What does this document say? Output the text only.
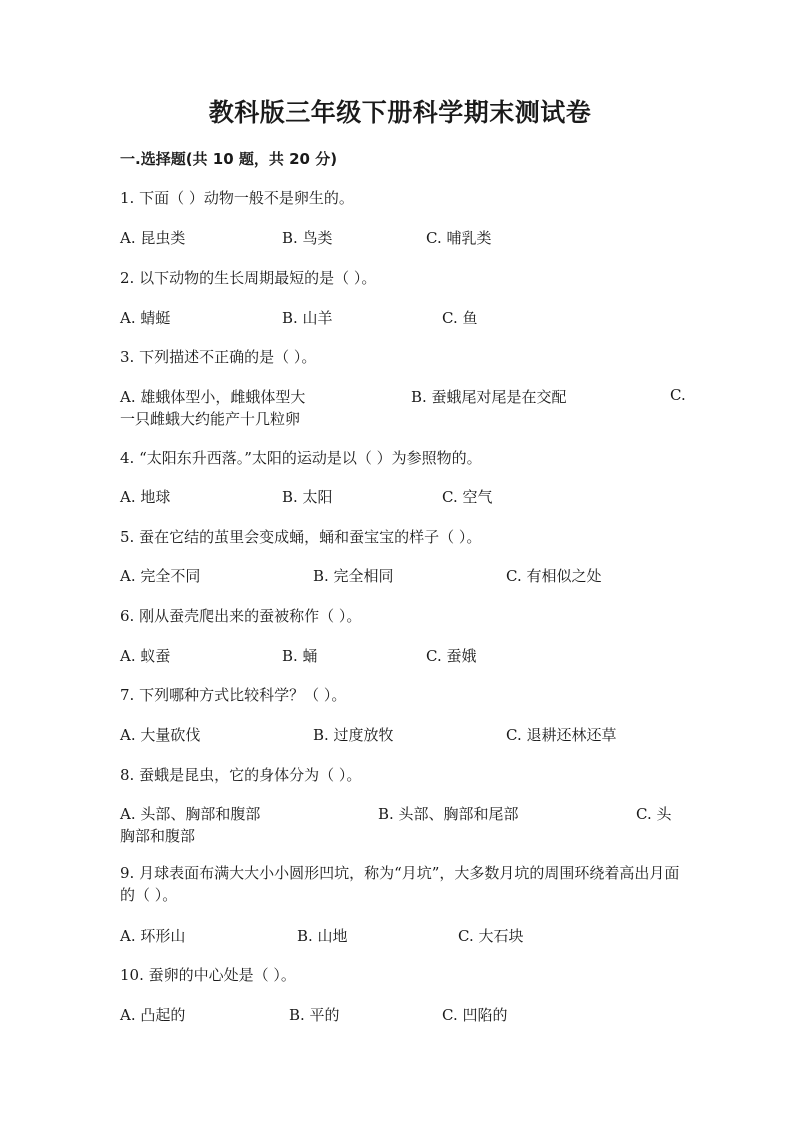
教科版三年级下册科学期末测试卷
一.选择题(共 10 题，共 20 分)
1. 下面（ ）动物一般不是卵生的。
A. 昆虫类	B. 鸟类	C. 哺乳类
2. 以下动物的生长周期最短的是（ ）。
A. 蜻蜓	B. 山羊	C. 鱼
3. 下列描述不正确的是（ ）。
A. 雄蛾体型小，雌蛾体型大	B. 蚕蛾尾对尾是在交配	C.
一只雌蛾大约能产十几粒卵
4. “太阳东升西落。”太阳的运动是以（ ）为参照物的。
A. 地球	B. 太阳	C. 空气
5. 蚕在它结的茧里会变成蛹，蛹和蚕宝宝的样子（ ）。
A. 完全不同	B. 完全相同	C. 有相似之处
6. 刚从蚕壳爬出来的蚕被称作（ ）。
A. 蚁蚕	B. 蛹	C. 蚕娥
7. 下列哪种方式比较科学？（ ）。
A. 大量砍伐	B. 过度放牧	C. 退耕还林还草
8. 蚕蛾是昆虫，它的身体分为（ ）。
A. 头部、胸部和腹部	B. 头部、胸部和尾部	C. 头
胸部和腹部
9. 月球表面布满大大小小圆形凹坑，称为“月坑”，大多数月坑的周围环绕着高出月面的（ ）。
A. 环形山	B. 山地	C. 大石块
10. 蚕卵的中心处是（ ）。
A. 凸起的	B. 平的	C. 凹陷的
